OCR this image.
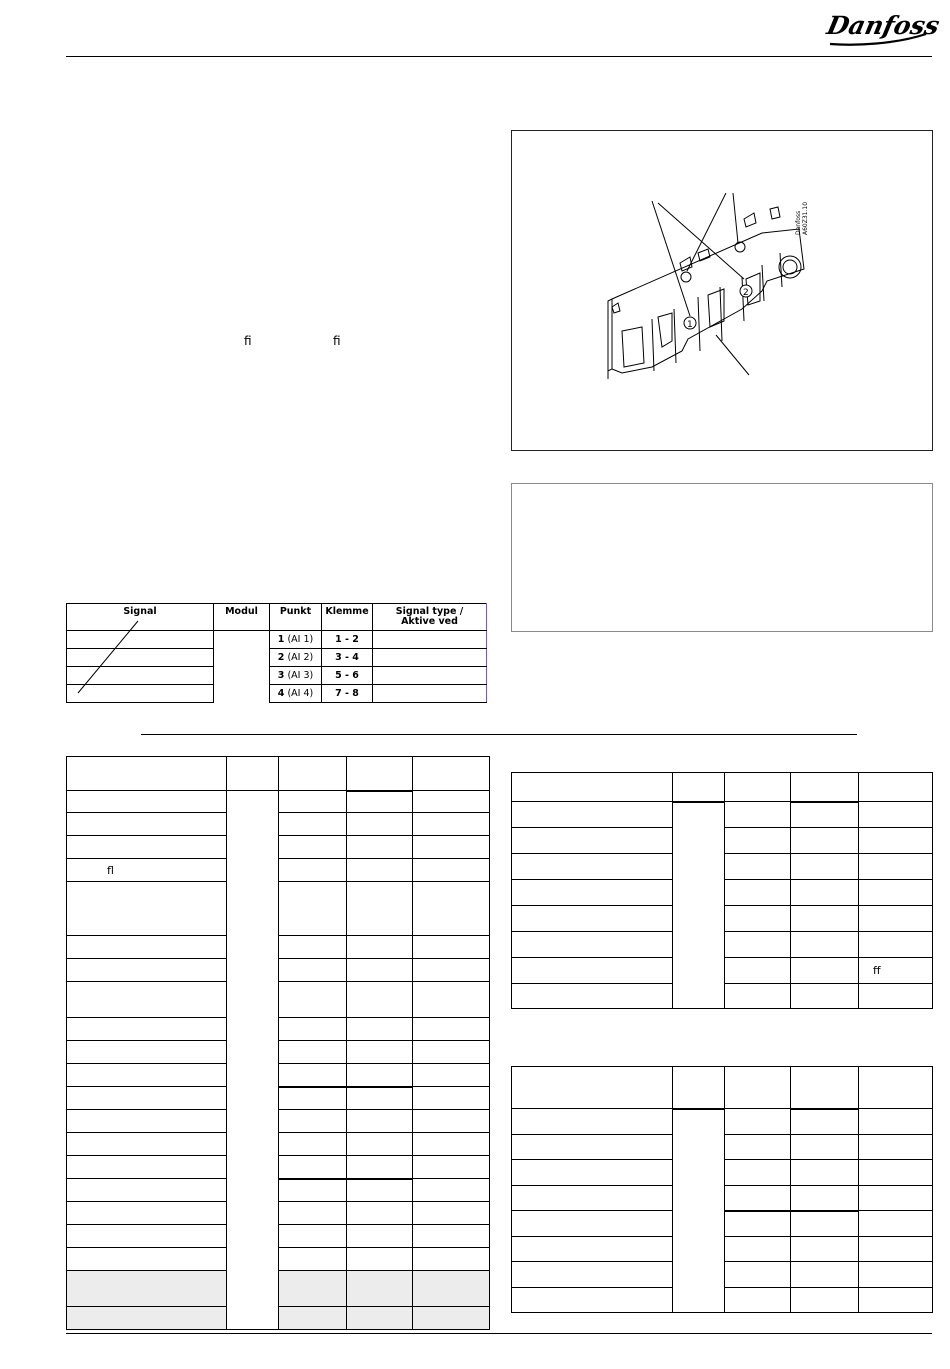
Danfoss
ﬁ	ﬁ
1
2
Danfoss A60Z31.10
Signal	Modul	Punkt	Klemme	Signal type /
Aktive ved

		1 (AI 1)	1 - 2	
		2 (AI 2)	3 - 4	
		3 (AI 3)	5 - 6	
		4 (AI 4)	7 - 8	

ﬂ				

				ﬀ
